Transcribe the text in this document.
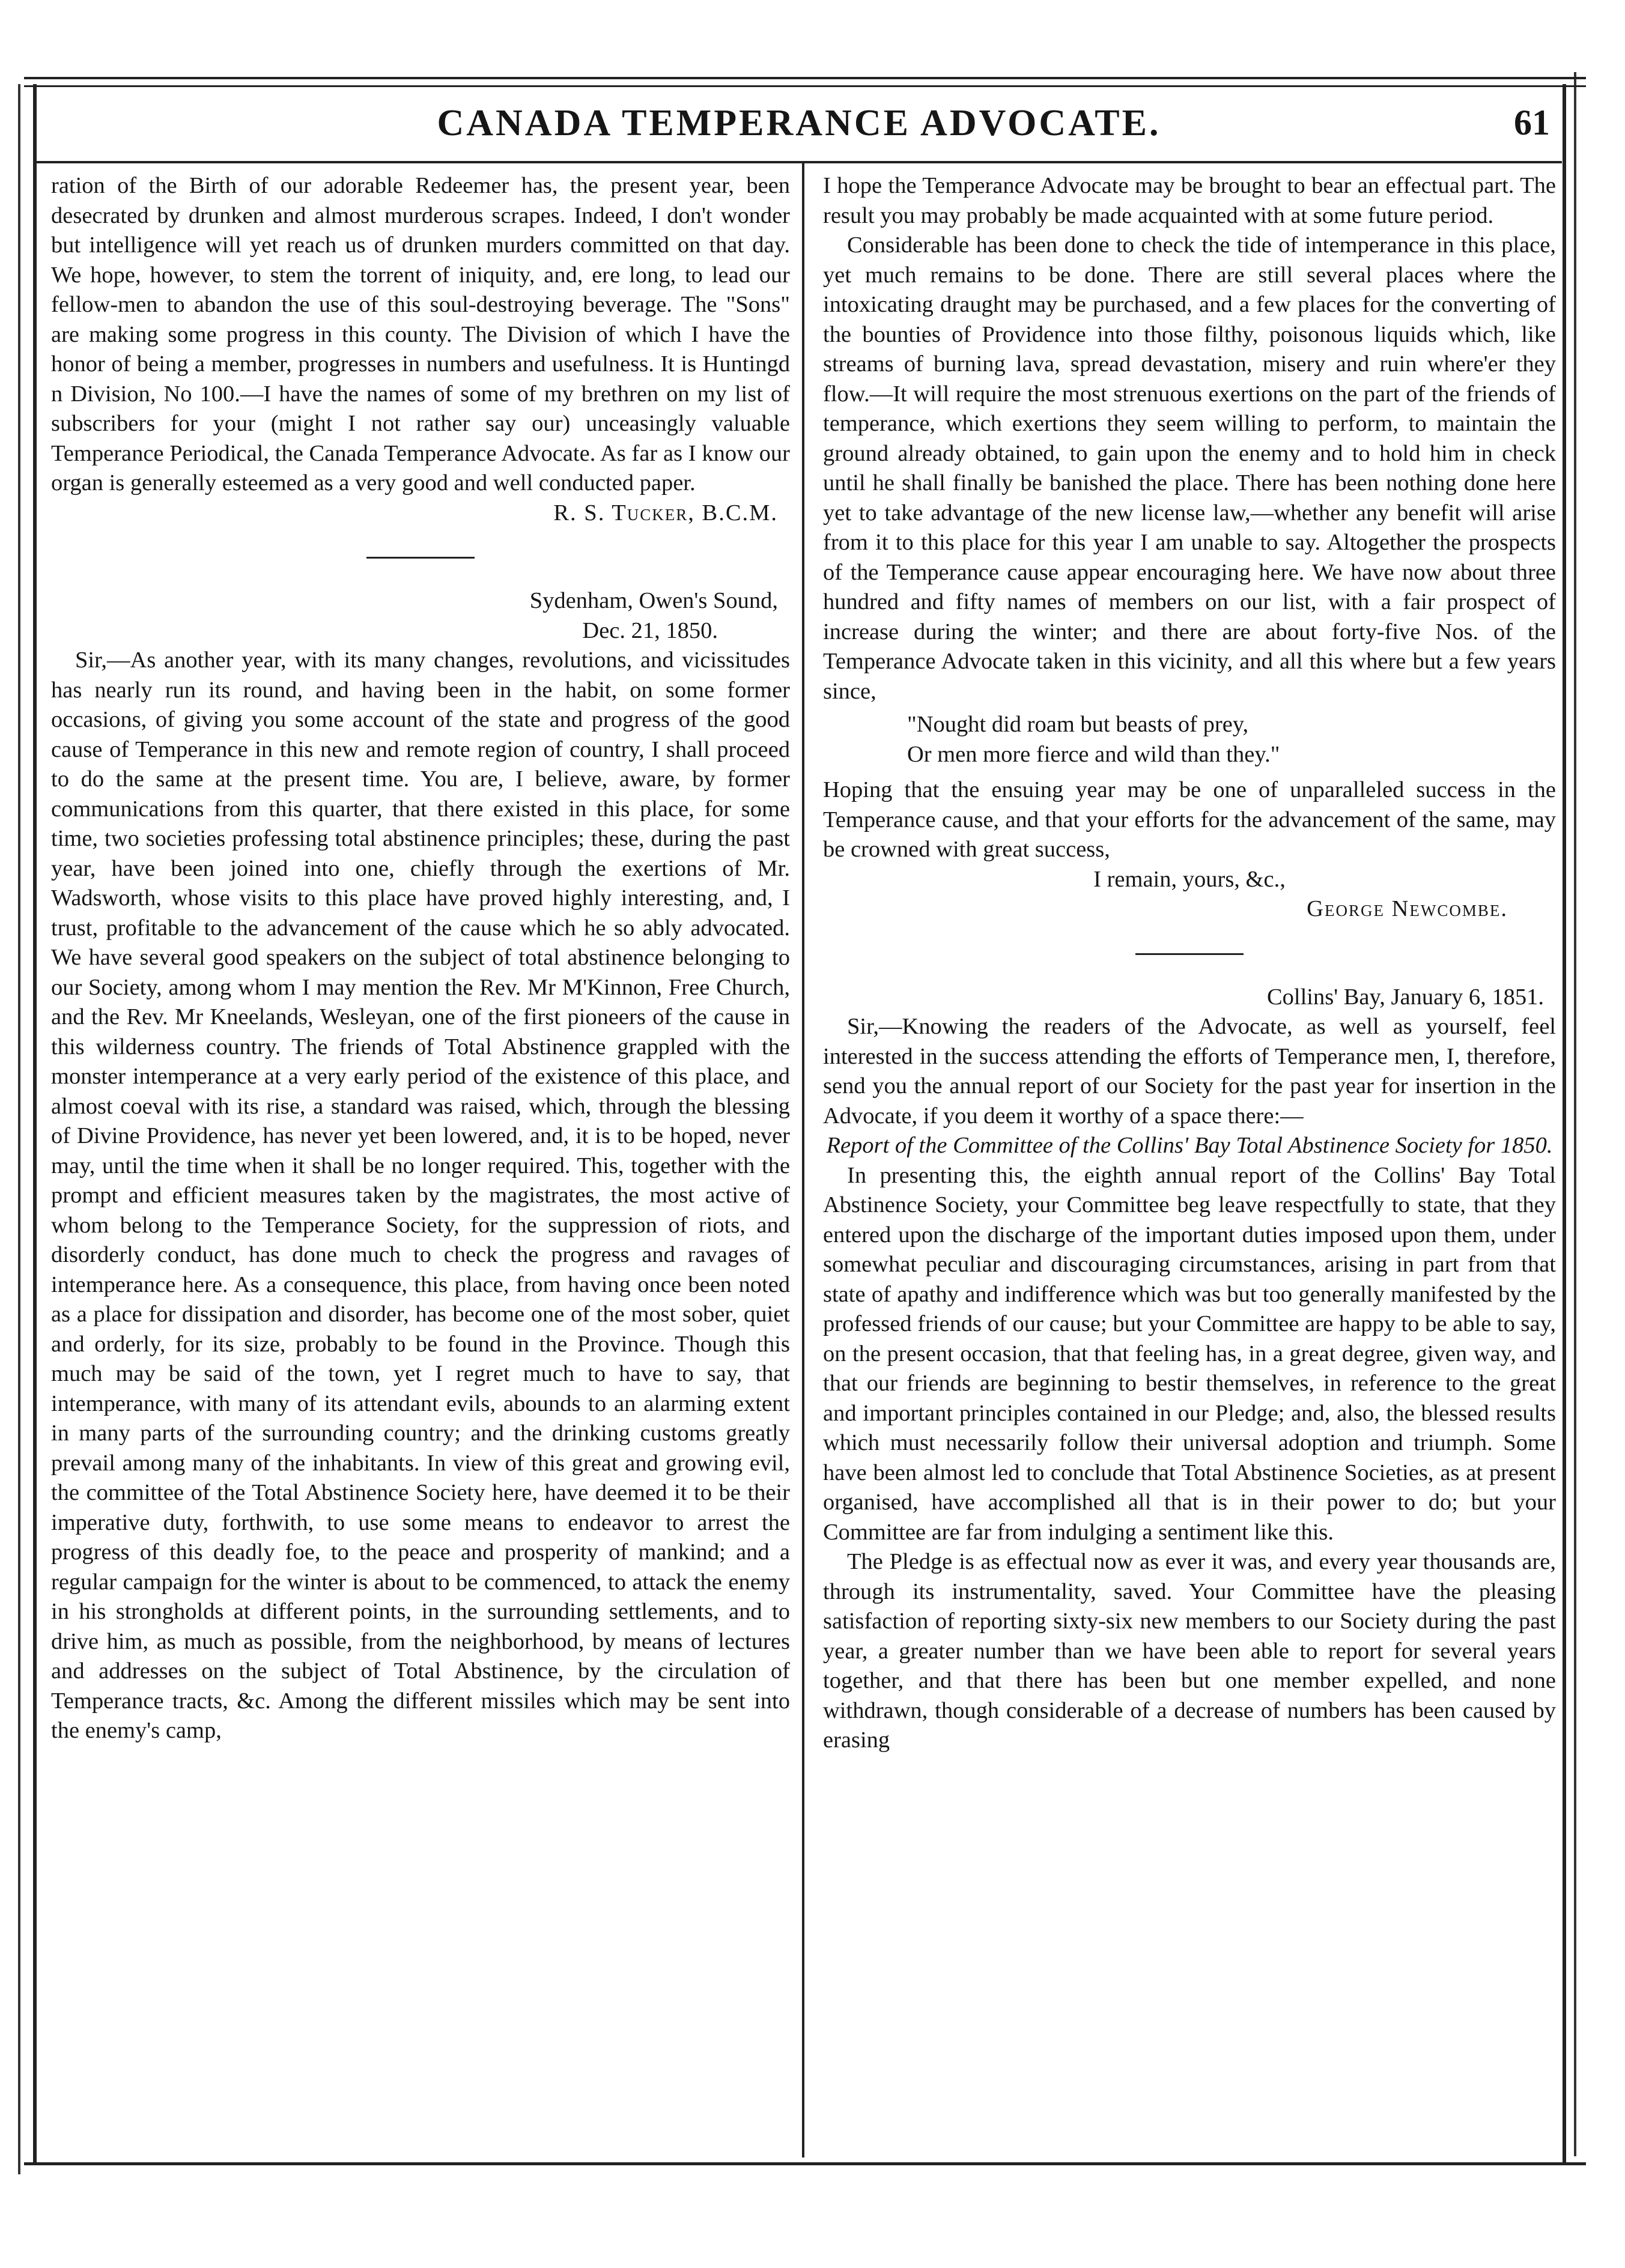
CANADA TEMPERANCE ADVOCATE.	61

ration of the Birth of our adorable Redeemer has, the present year, been desecrated by drunken and almost murderous scrapes. Indeed, I don't wonder but intelligence will yet reach us of drunken murders committed on that day. We hope, however, to stem the torrent of iniquity, and, ere long, to lead our fellow-men to abandon the use of this soul-destroying beverage. The "Sons" are making some progress in this county. The Division of which I have the honor of being a member, progresses in numbers and usefulness. It is Huntingd n Division, No 100.—I have the names of some of my brethren on my list of subscribers for your (might I not rather say our) unceasingly valuable Temperance Periodical, the Canada Temperance Advocate. As far as I know our organ is generally esteemed as a very good and well conducted paper.

R. S. Tucker, B.C.M.

Sydenham, Owen's Sound,

Dec. 21, 1850.

Sir,—As another year, with its many changes, revolutions, and vicissitudes has nearly run its round, and having been in the habit, on some former occasions, of giving you some account of the state and progress of the good cause of Temperance in this new and remote region of country, I shall proceed to do the same at the present time. You are, I believe, aware, by former communications from this quarter, that there existed in this place, for some time, two societies professing total abstinence principles; these, during the past year, have been joined into one, chiefly through the exertions of Mr. Wadsworth, whose visits to this place have proved highly interesting, and, I trust, profitable to the advancement of the cause which he so ably advocated. We have several good speakers on the subject of total abstinence belonging to our Society, among whom I may mention the Rev. Mr M'Kinnon, Free Church, and the Rev. Mr Kneelands, Wesleyan, one of the first pioneers of the cause in this wilderness country. The friends of Total Abstinence grappled with the monster intemperance at a very early period of the existence of this place, and almost coeval with its rise, a standard was raised, which, through the blessing of Divine Providence, has never yet been lowered, and, it is to be hoped, never may, until the time when it shall be no longer required. This, together with the prompt and efficient measures taken by the magistrates, the most active of whom belong to the Temperance Society, for the suppression of riots, and disorderly conduct, has done much to check the progress and ravages of intemperance here. As a consequence, this place, from having once been noted as a place for dissipation and disorder, has become one of the most sober, quiet and orderly, for its size, probably to be found in the Province. Though this much may be said of the town, yet I regret much to have to say, that intemperance, with many of its attendant evils, abounds to an alarming extent in many parts of the surrounding country; and the drinking customs greatly prevail among many of the inhabitants. In view of this great and growing evil, the committee of the Total Abstinence Society here, have deemed it to be their imperative duty, forthwith, to use some means to endeavor to arrest the progress of this deadly foe, to the peace and prosperity of mankind; and a regular campaign for the winter is about to be commenced, to attack the enemy in his strongholds at different points, in the surrounding settlements, and to drive him, as much as possible, from the neighborhood, by means of lectures and addresses on the subject of Total Abstinence, by the circulation of Temperance tracts, &c. Among the different missiles which may be sent into the enemy's camp,

I hope the Temperance Advocate may be brought to bear an effectual part. The result you may probably be made acquainted with at some future period.

Considerable has been done to check the tide of intemperance in this place, yet much remains to be done. There are still several places where the intoxicating draught may be purchased, and a few places for the converting of the bounties of Providence into those filthy, poisonous liquids which, like streams of burning lava, spread devastation, misery and ruin where'er they flow.—It will require the most strenuous exertions on the part of the friends of temperance, which exertions they seem willing to perform, to maintain the ground already obtained, to gain upon the enemy and to hold him in check until he shall finally be banished the place. There has been nothing done here yet to take advantage of the new license law,—whether any benefit will arise from it to this place for this year I am unable to say. Altogether the prospects of the Temperance cause appear encouraging here. We have now about three hundred and fifty names of members on our list, with a fair prospect of increase during the winter; and there are about forty-five Nos. of the Temperance Advocate taken in this vicinity, and all this where but a few years since,

"Nought did roam but beasts of prey,

Or men more fierce and wild than they."

Hoping that the ensuing year may be one of unparalleled success in the Temperance cause, and that your efforts for the advancement of the same, may be crowned with great success,

I remain, yours, &c.,

George Newcombe.

Collins' Bay, January 6, 1851.

Sir,—Knowing the readers of the Advocate, as well as yourself, feel interested in the success attending the efforts of Temperance men, I, therefore, send you the annual report of our Society for the past year for insertion in the Advocate, if you deem it worthy of a space there:—

Report of the Committee of the Collins' Bay Total Abstinence Society for 1850.

In presenting this, the eighth annual report of the Collins' Bay Total Abstinence Society, your Committee beg leave respectfully to state, that they entered upon the discharge of the important duties imposed upon them, under somewhat peculiar and discouraging circumstances, arising in part from that state of apathy and indifference which was but too generally manifested by the professed friends of our cause; but your Committee are happy to be able to say, on the present occasion, that that feeling has, in a great degree, given way, and that our friends are beginning to bestir themselves, in reference to the great and important principles contained in our Pledge; and, also, the blessed results which must necessarily follow their universal adoption and triumph. Some have been almost led to conclude that Total Abstinence Societies, as at present organised, have accomplished all that is in their power to do; but your Committee are far from indulging a sentiment like this.

The Pledge is as effectual now as ever it was, and every year thousands are, through its instrumentality, saved. Your Committee have the pleasing satisfaction of reporting sixty-six new members to our Society during the past year, a greater number than we have been able to report for several years together, and that there has been but one member expelled, and none withdrawn, though considerable of a decrease of numbers has been caused by erasing
